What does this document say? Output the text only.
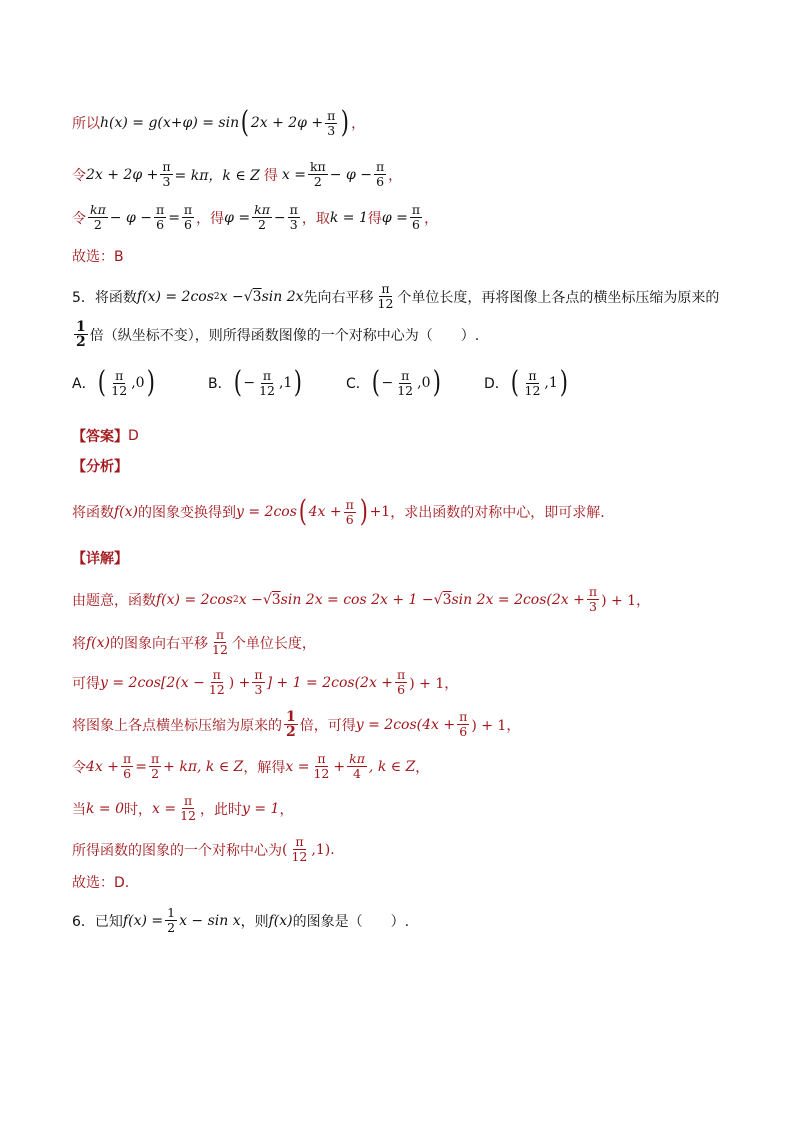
所以 h(x) = g(x+φ) = sin ( $2x + 2\varphi + \frac{\pi}{3}$ ) ，
令 $2x + 2\varphi + \frac{\pi}{3} = k\pi$，k ∈ Z 得 $x = \frac{k\pi}{2} - \varphi - \frac{\pi}{6}$ ，
令 $\frac{k\pi}{2} - \varphi - \frac{\pi}{6} = \frac{\pi}{6}$ ，得 $\varphi = \frac{k\pi}{2} - \frac{\pi}{3}$ ，取 k = 1 得 $\varphi = \frac{\pi}{6}$ ，
故选：B
5．将函数 f(x) = 2cos 2 x − √ 3 sin 2x 先向右平移 $\frac{\pi}{12}$ 个单位长度，再将图像上各点的横坐标压缩为原来的
$\frac{1}{2}$ 倍（纵坐标不变），则所得函数图像的一个对称中心为（　　）.
A． ( $\frac{\pi}{12}$ , 0 )	B． ( − $\frac{\pi}{12}$ , 1 )	C． ( − $\frac{\pi}{12}$ , 0 )	D． ( $\frac{\pi}{12}$ , 1 )
【答案】 D
【分析】
将函数 f(x) 的图象变换得到 y = 2cos ( $4x + \frac{\pi}{6}$ ) +1 ，求出函数的对称中心，即可求解.
【详解】
由题意，函数 f(x) = 2cos 2 x − √ 3 sin 2x = cos 2x + 1 − √ 3 $\sin 2x = 2\cos(2x + \frac{\pi}{3}$ ) + 1，
将 f(x) 的图象向右平移 $\frac{\pi}{12}$ 个单位长度，
可得 $y = 2\cos[2(x - \frac{\pi}{12}$ ) + $\frac{\pi}{3}$ ] + $1 = 2\cos(2x + \frac{\pi}{6}$ ) + 1，
将图象上各点横坐标压缩为原来的 $\frac{1}{2}$ 倍，可得 $y = 2\cos(4x + \frac{\pi}{6}$ ) + 1，
令 $4x + \frac{\pi}{6} = \frac{\pi}{2} + k\pi$, k ∈ Z ，解得 $x = \frac{\pi}{12} + \frac{k\pi}{4}$ , k ∈ Z ，
当 k = 0 时， $x = \frac{\pi}{12}$ ，此时 y = 1 ，
所得函数的图象的一个对称中心为 ( $\frac{\pi}{12} ,1$) .
故选：D.
6．已知 $f(x) = \frac{1}{2}$ x − sin x ，则 f(x) 的图象是（　　）.
